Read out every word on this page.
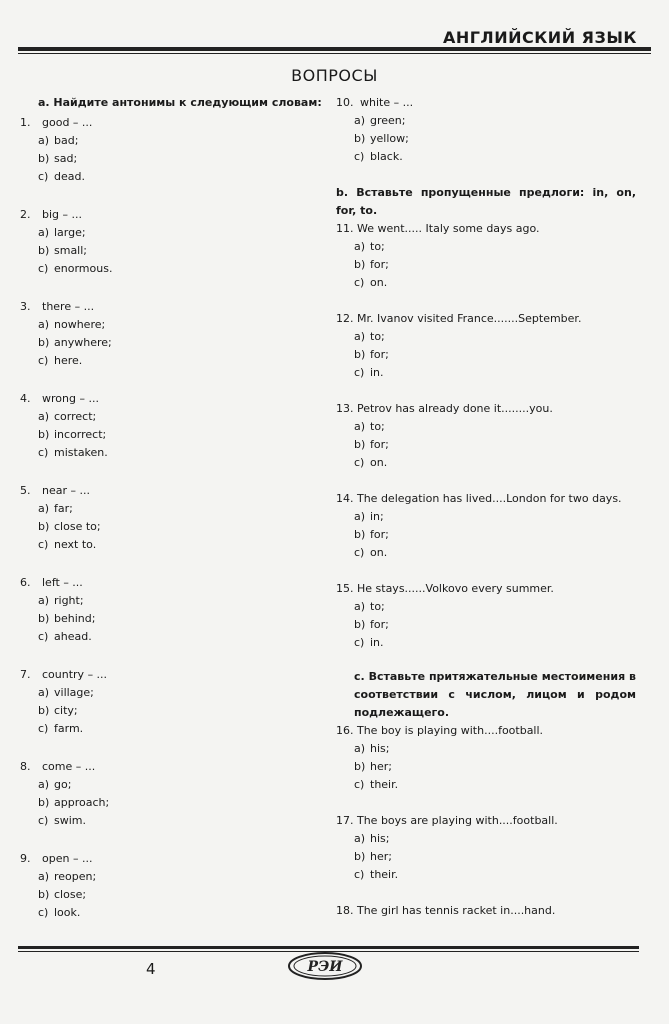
АНГЛИЙСКИЙ ЯЗЫК
ВОПРОСЫ
a. Найдите антонимы к следующим словам:
1. good – ...
a) bad;
b) sad;
c) dead.
2. big – ...
a) large;
b) small;
c) enormous.
3. there – ...
a) nowhere;
b) anywhere;
c) here.
4. wrong – ...
a) correct;
b) incorrect;
c) mistaken.
5. near – ...
a) far;
b) close to;
c) next to.
6. left – ...
a) right;
b) behind;
c) ahead.
7. country – ...
a) village;
b) city;
c) farm.
8. come – ...
a) go;
b) approach;
c) swim.
9. open – ...
a) reopen;
b) close;
c) look.
10. white – ...
a) green;
b) yellow;
c) black.
b. Вставьте пропущенные предлоги: in, on, for, to.
11. We went..... Italy some days ago.
a) to;
b) for;
c) on.
12. Mr. Ivanov visited France.......September.
a) to;
b) for;
c) in.
13. Petrov has already done it........you.
a) to;
b) for;
c) on.
14. The delegation has lived....London for two days.
a) in;
b) for;
c) on.
15. He stays......Volkovo every summer.
a) to;
b) for;
c) in.
c. Вставьте притяжательные местоимения в соответствии с числом, лицом и родом подлежащего.
16. The boy is playing with....football.
a) his;
b) her;
c) their.
17. The boys are playing with....football.
a) his;
b) her;
c) their.
18. The girl has tennis racket in....hand.
4	РЭИ
